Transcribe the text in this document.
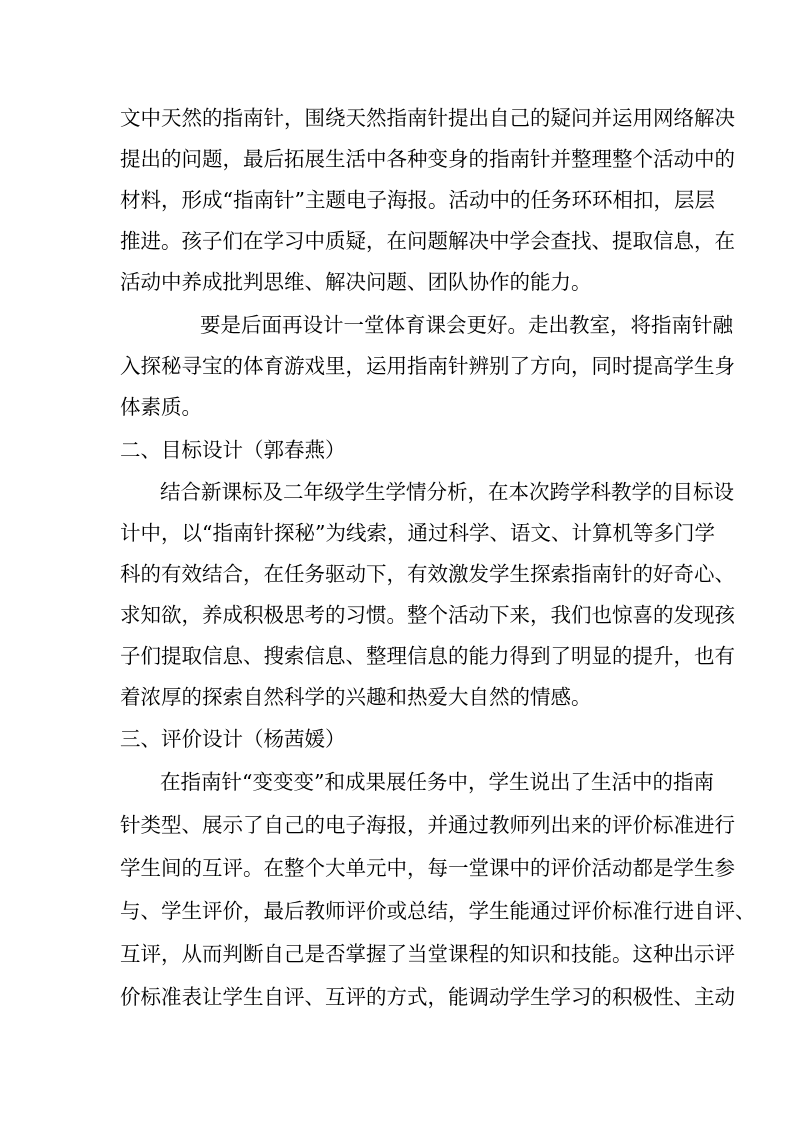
文中天然的指南针，围绕天然指南针提出自己的疑问并运用网络解决
提出的问题，最后拓展生活中各种变身的指南针并整理整个活动中的
材料，形成“指南针”主题电子海报。活动中的任务环环相扣，层层
推进。孩子们在学习中质疑，在问题解决中学会查找、提取信息，在
活动中养成批判思维、解决问题、团队协作的能力。
要是后面再设计一堂体育课会更好。走出教室，将指南针融
入探秘寻宝的体育游戏里，运用指南针辨别了方向，同时提高学生身
体素质。
二、目标设计（郭春燕）
结合新课标及二年级学生学情分析，在本次跨学科教学的目标设
计中，以“指南针探秘”为线索，通过科学、语文、计算机等多门学
科的有效结合，在任务驱动下，有效激发学生探索指南针的好奇心、
求知欲，养成积极思考的习惯。整个活动下来，我们也惊喜的发现孩
子们提取信息、搜索信息、整理信息的能力得到了明显的提升，也有
着浓厚的探索自然科学的兴趣和热爱大自然的情感。
三、评价设计（杨茜媛）
在指南针“变变变”和成果展任务中，学生说出了生活中的指南
针类型、展示了自己的电子海报，并通过教师列出来的评价标准进行
学生间的互评。在整个大单元中，每一堂课中的评价活动都是学生参
与、学生评价，最后教师评价或总结，学生能通过评价标准行进自评、
互评，从而判断自己是否掌握了当堂课程的知识和技能。这种出示评
价标准表让学生自评、互评的方式，能调动学生学习的积极性、主动
